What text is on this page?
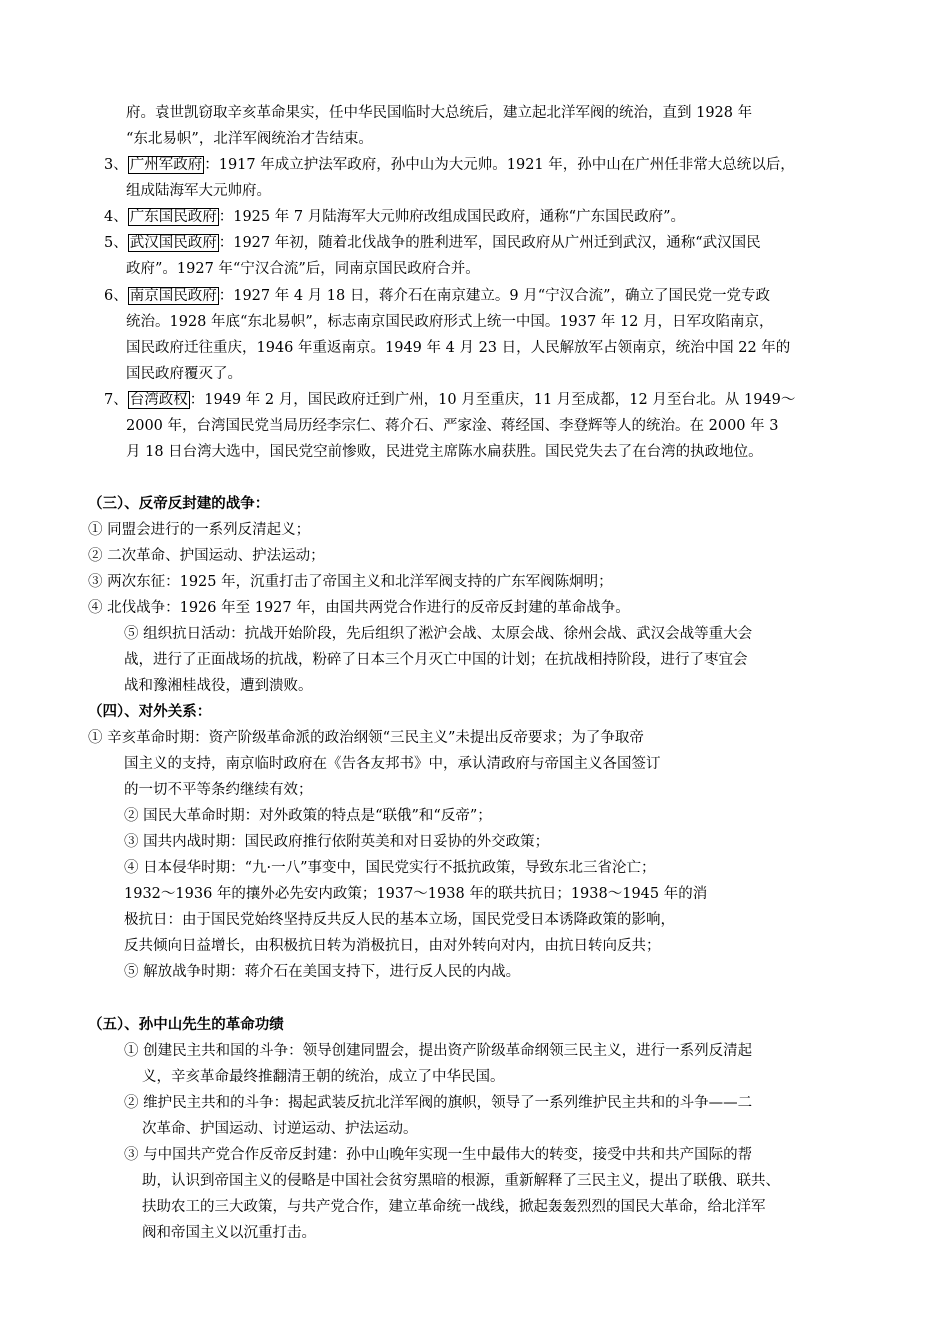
府。袁世凯窃取辛亥革命果实，任中华民国临时大总统后，建立起北洋军阀的统治，直到 1928 年
“东北易帜”，北洋军阀统治才告结束。
3、 广州军政府 ：1917 年成立护法军政府，孙中山为大元帅。1921 年，孙中山在广州任非常大总统以后，
组成陆海军大元帅府。
4、 广东国民政府 ：1925 年 7 月陆海军大元帅府改组成国民政府，通称“广东国民政府”。
5、 武汉国民政府 ：1927 年初，随着北伐战争的胜利进军，国民政府从广州迁到武汉，通称“武汉国民
政府”。1927 年“宁汉合流”后，同南京国民政府合并。
6、 南京国民政府 ：1927 年 4 月 18 日，蒋介石在南京建立。9 月“宁汉合流”，确立了国民党一党专政
统治。1928 年底“东北易帜”，标志南京国民政府形式上统一中国。1937 年 12 月，日军攻陷南京，
国民政府迁往重庆，1946 年重返南京。1949 年 4 月 23 日，人民解放军占领南京，统治中国 22 年的
国民政府覆灭了。
7、 台湾政权 ：1949 年 2 月，国民政府迁到广州，10 月至重庆，11 月至成都，12 月至台北。从 1949～
2000 年，台湾国民党当局历经李宗仁、蒋介石、严家淦、蒋经国、李登辉等人的统治。在 2000 年 3
月 18 日台湾大选中，国民党空前惨败，民进党主席陈水扁获胜。国民党失去了在台湾的执政地位。
（三）、反帝反封建的战争：
① 同盟会进行的一系列反清起义；
② 二次革命、护国运动、护法运动；
③ 两次东征：1925 年，沉重打击了帝国主义和北洋军阀支持的广东军阀陈炯明；
④ 北伐战争：1926 年至 1927 年，由国共两党合作进行的反帝反封建的革命战争。
⑤ 组织抗日活动：抗战开始阶段，先后组织了淞沪会战、太原会战、徐州会战、武汉会战等重大会
战，进行了正面战场的抗战，粉碎了日本三个月灭亡中国的计划；在抗战相持阶段，进行了枣宜会
战和豫湘桂战役，遭到溃败。
（四）、对外关系：
① 辛亥革命时期：资产阶级革命派的政治纲领“三民主义”未提出反帝要求；为了争取帝
国主义的支持，南京临时政府在《告各友邦书》中，承认清政府与帝国主义各国签订
的一切不平等条约继续有效；
② 国民大革命时期：对外政策的特点是“联俄”和“反帝”；
③ 国共内战时期：国民政府推行依附英美和对日妥协的外交政策；
④ 日本侵华时期：“九·一八”事变中，国民党实行不抵抗政策，导致东北三省沦亡；
1932～1936 年的攘外必先安内政策；1937～1938 年的联共抗日；1938～1945 年的消
极抗日：由于国民党始终坚持反共反人民的基本立场，国民党受日本诱降政策的影响，
反共倾向日益增长，由积极抗日转为消极抗日，由对外转向对内，由抗日转向反共；
⑤ 解放战争时期：蒋介石在美国支持下，进行反人民的内战。
（五）、孙中山先生的革命功绩
① 创建民主共和国的斗争：领导创建同盟会，提出资产阶级革命纲领三民主义，进行一系列反清起
义，辛亥革命最终推翻清王朝的统治，成立了中华民国。
② 维护民主共和的斗争：揭起武装反抗北洋军阀的旗帜，领导了一系列维护民主共和的斗争——二
次革命、护国运动、讨逆运动、护法运动。
③ 与中国共产党合作反帝反封建：孙中山晚年实现一生中最伟大的转变，接受中共和共产国际的帮
助，认识到帝国主义的侵略是中国社会贫穷黑暗的根源，重新解释了三民主义，提出了联俄、联共、
扶助农工的三大政策，与共产党合作，建立革命统一战线，掀起轰轰烈烈的国民大革命，给北洋军
阀和帝国主义以沉重打击。
